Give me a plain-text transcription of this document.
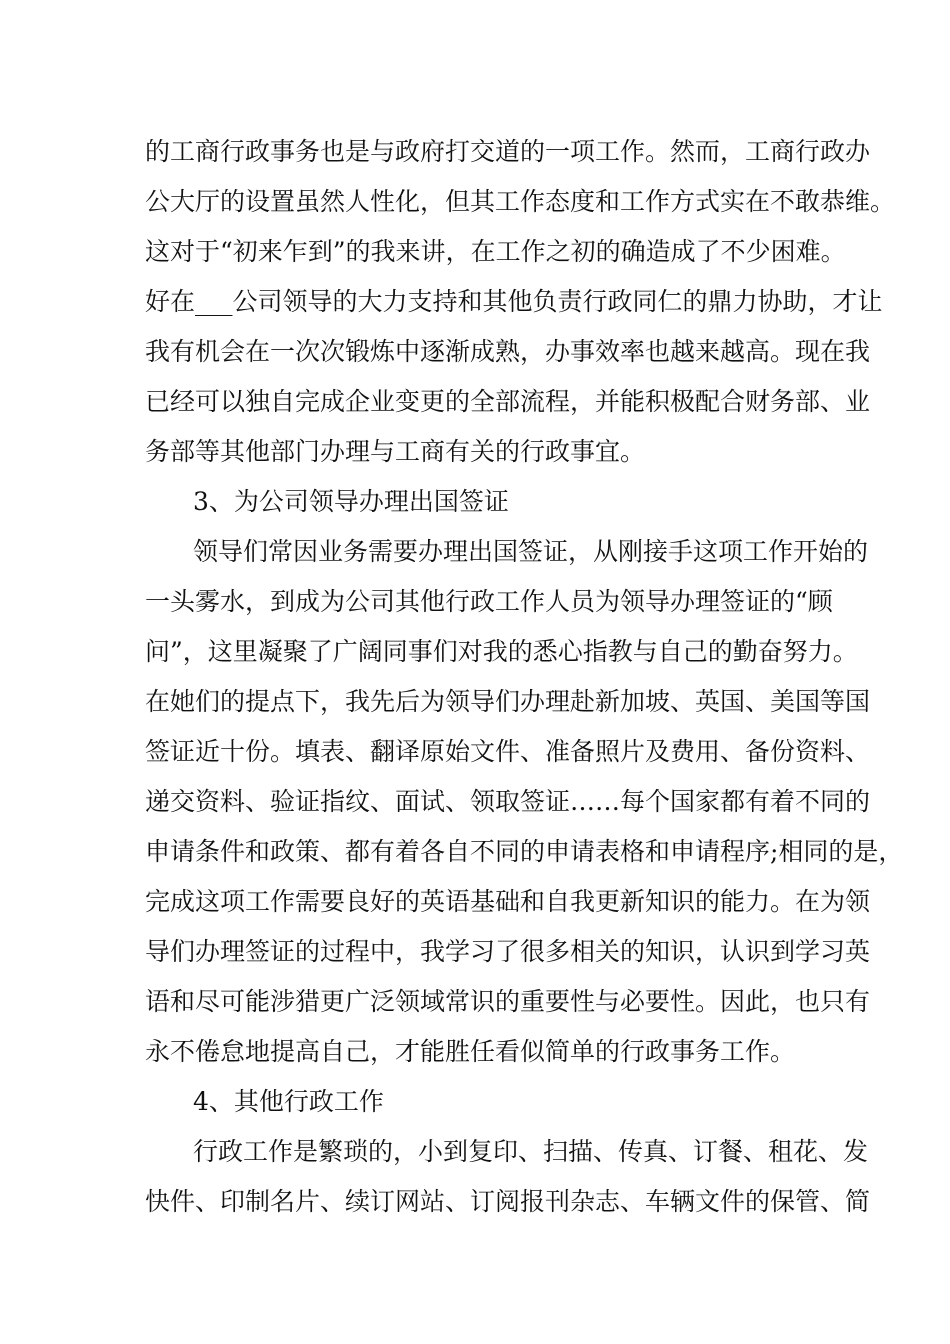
的工商行政事务也是与政府打交道的一项工作。然而，工商行政办
公大厅的设置虽然人性化，但其工作态度和工作方式实在不敢恭维。
这对于“初来乍到”的我来讲，在工作之初的确造成了不少困难。
好在___公司领导的大力支持和其他负责行政同仁的鼎力协助，才让
我有机会在一次次锻炼中逐渐成熟，办事效率也越来越高。现在我
已经可以独自完成企业变更的全部流程，并能积极配合财务部、业
务部等其他部门办理与工商有关的行政事宜。
3、为公司领导办理出国签证
领导们常因业务需要办理出国签证，从刚接手这项工作开始的
一头雾水，到成为公司其他行政工作人员为领导办理签证的“顾
问”，这里凝聚了广阔同事们对我的悉心指教与自己的勤奋努力。
在她们的提点下，我先后为领导们办理赴新加坡、英国、美国等国
签证近十份。填表、翻译原始文件、准备照片及费用、备份资料、
递交资料、验证指纹、面试、领取签证……每个国家都有着不同的
申请条件和政策、都有着各自不同的申请表格和申请程序;相同的是，
完成这项工作需要良好的英语基础和自我更新知识的能力。在为领
导们办理签证的过程中，我学习了很多相关的知识，认识到学习英
语和尽可能涉猎更广泛领域常识的重要性与必要性。因此，也只有
永不倦怠地提高自己，才能胜任看似简单的行政事务工作。
4、其他行政工作
行政工作是繁琐的，小到复印、扫描、传真、订餐、租花、发
快件、印制名片、续订网站、订阅报刊杂志、车辆文件的保管、简
